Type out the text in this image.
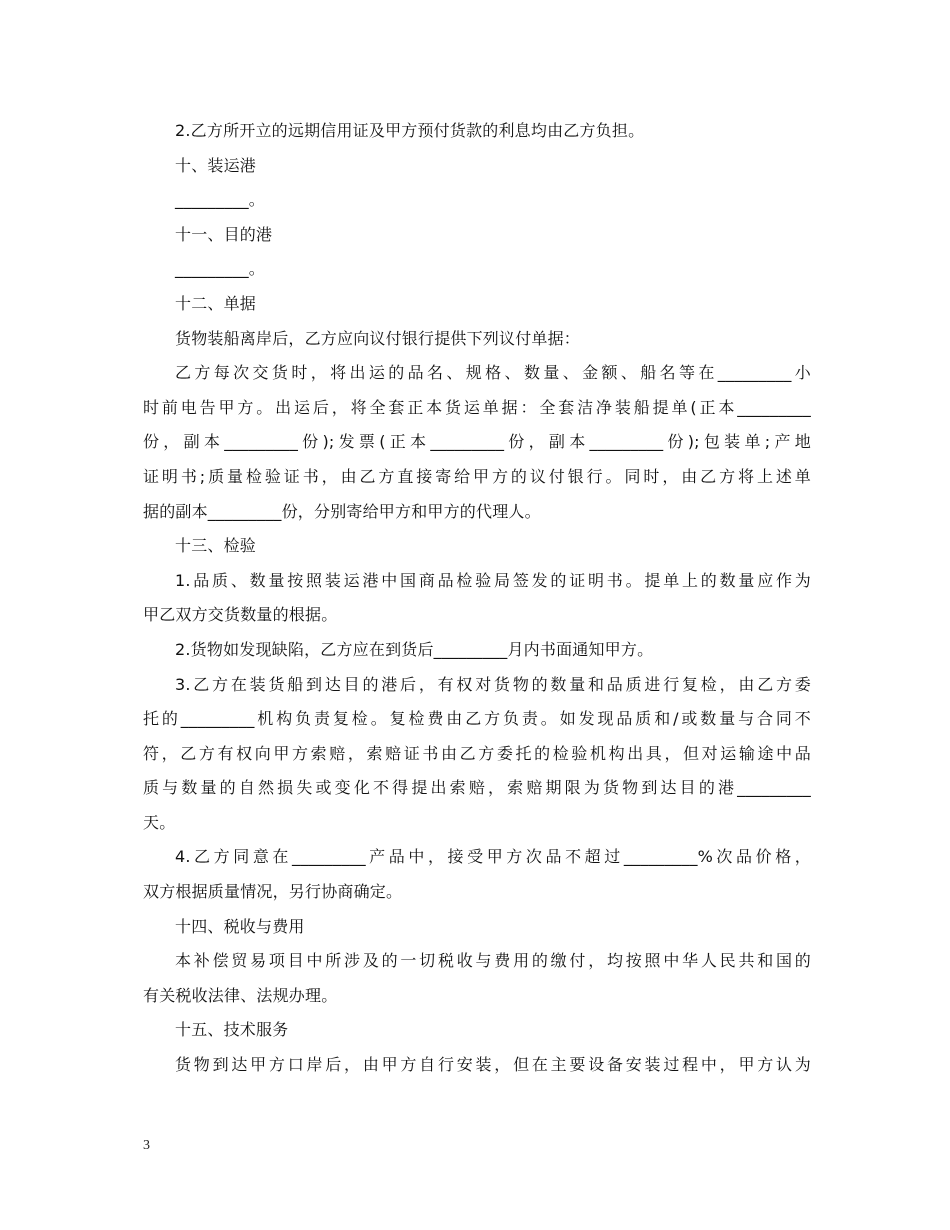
2.乙方所开立的远期信用证及甲方预付货款的利息均由乙方负担。
十、装运港
_________。
十一、目的港
_________。
十二、单据
货物装船离岸后，乙方应向议付银行提供下列议付单据：
乙方每次交货时，将出运的品名、规格、数量、金额、船名等在_________小
时前电告甲方。出运后，将全套正本货运单据：全套洁净装船提单(正本_________
份，副本_________份);发票(正本_________份，副本_________份);包装单;产地
证明书;质量检验证书，由乙方直接寄给甲方的议付银行。同时，由乙方将上述单
据的副本_________份，分别寄给甲方和甲方的代理人。
十三、检验
1.品质、数量按照装运港中国商品检验局签发的证明书。提单上的数量应作为
甲乙双方交货数量的根据。
2.货物如发现缺陷，乙方应在到货后_________月内书面通知甲方。
3.乙方在装货船到达目的港后，有权对货物的数量和品质进行复检，由乙方委
托的_________机构负责复检。复检费由乙方负责。如发现品质和/或数量与合同不
符，乙方有权向甲方索赔，索赔证书由乙方委托的检验机构出具，但对运输途中品
质与数量的自然损失或变化不得提出索赔，索赔期限为货物到达目的港_________
天。
4.乙方同意在_________产品中，接受甲方次品不超过_________%次品价格，
双方根据质量情况，另行协商确定。
十四、税收与费用
本补偿贸易项目中所涉及的一切税收与费用的缴付，均按照中华人民共和国的
有关税收法律、法规办理。
十五、技术服务
货物到达甲方口岸后，由甲方自行安装，但在主要设备安装过程中，甲方认为
3
